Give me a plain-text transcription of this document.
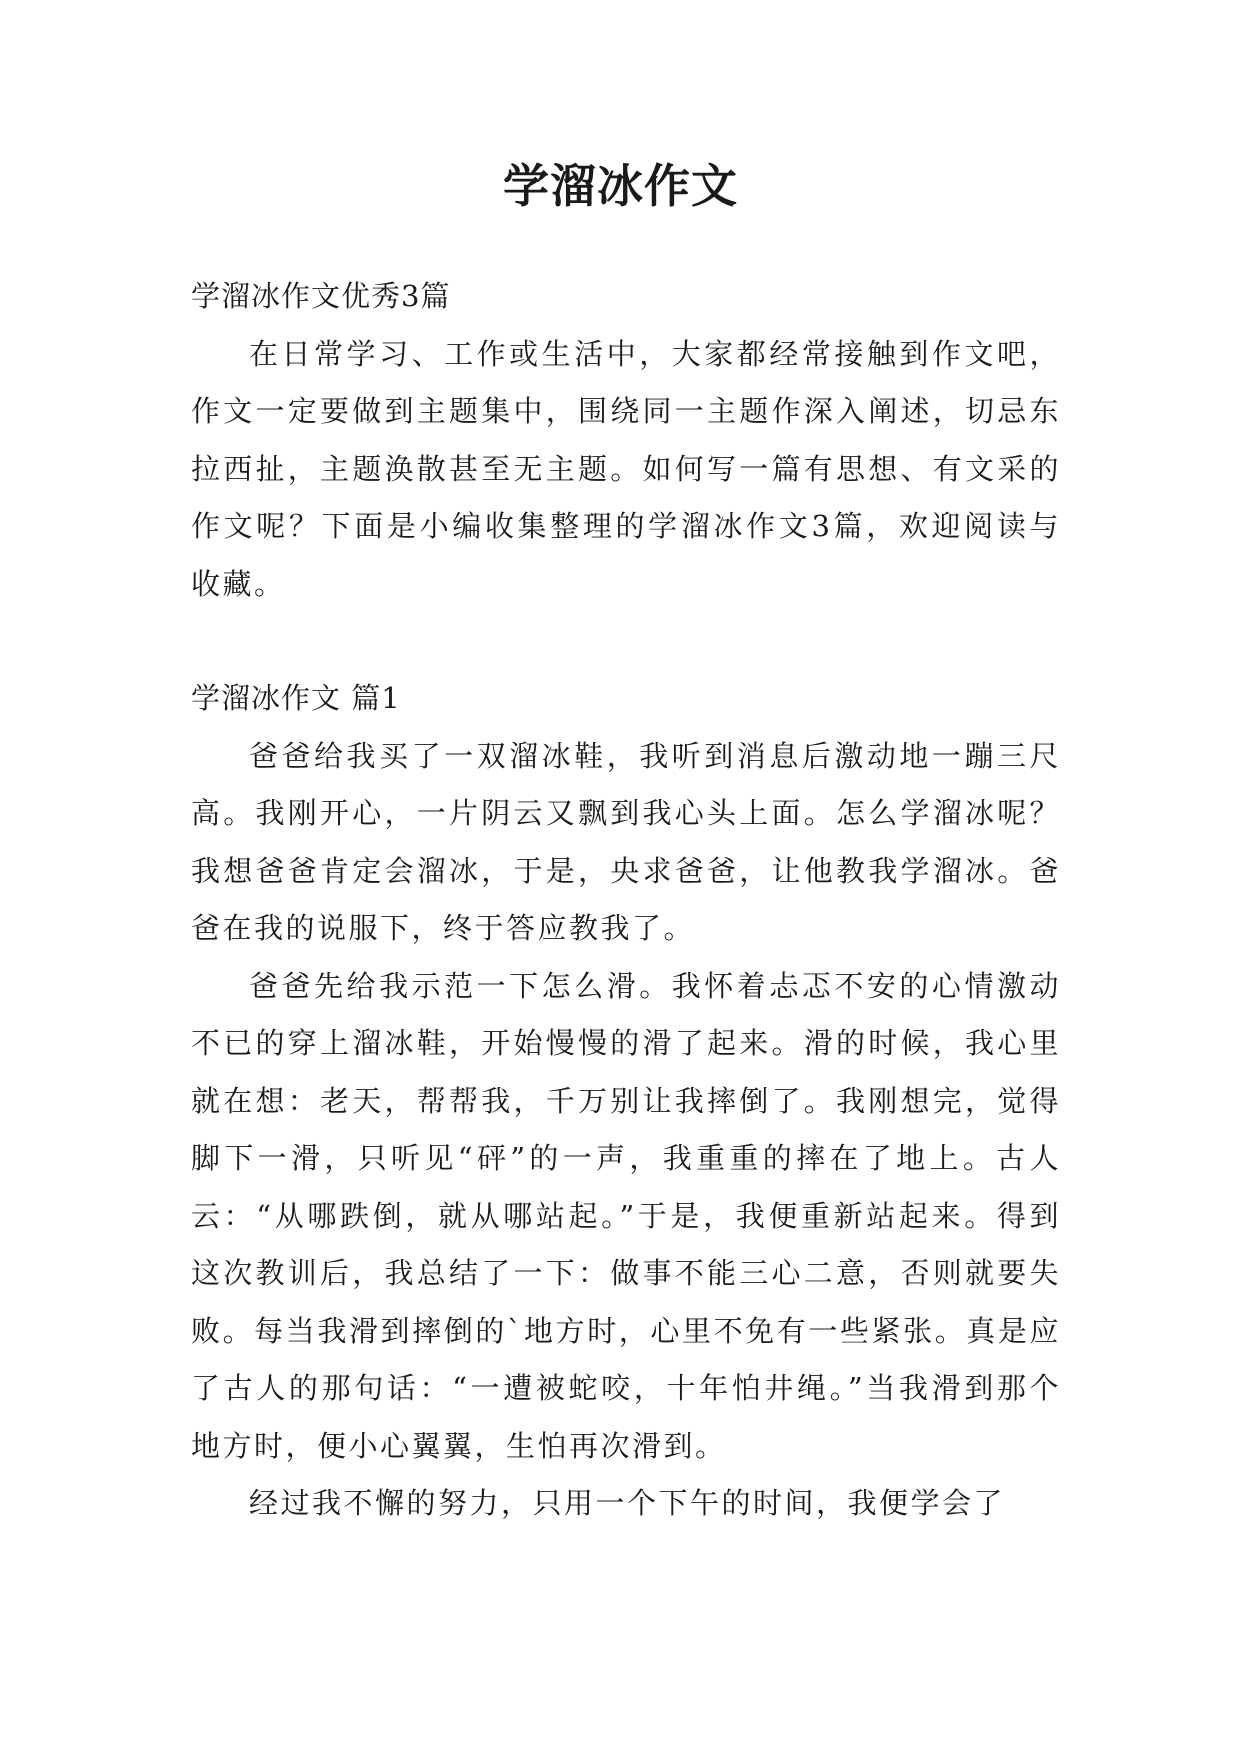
学溜冰作文

学溜冰作文优秀3篇

在日常学习、工作或生活中，大家都经常接触到作文吧，作文一定要做到主题集中，围绕同一主题作深入阐述，切忌东拉西扯，主题涣散甚至无主题。如何写一篇有思想、有文采的作文呢？下面是小编收集整理的学溜冰作文3篇，欢迎阅读与收藏。

学溜冰作文 篇1

爸爸给我买了一双溜冰鞋，我听到消息后激动地一蹦三尺高。我刚开心，一片阴云又飘到我心头上面。怎么学溜冰呢？我想爸爸肯定会溜冰，于是，央求爸爸，让他教我学溜冰。爸爸在我的说服下，终于答应教我了。

爸爸先给我示范一下怎么滑。我怀着忐忑不安的心情激动不已的穿上溜冰鞋，开始慢慢的滑了起来。滑的时候，我心里就在想：老天，帮帮我，千万别让我摔倒了。我刚想完，觉得脚下一滑，只听见“砰”的一声，我重重的摔在了地上。古人云：“从哪跌倒，就从哪站起。”于是，我便重新站起来。得到这次教训后，我总结了一下：做事不能三心二意，否则就要失败。每当我滑到摔倒的`地方时，心里不免有一些紧张。真是应了古人的那句话：“一遭被蛇咬，十年怕井绳。”当我滑到那个地方时，便小心翼翼，生怕再次滑到。

经过我不懈的努力，只用一个下午的时间，我便学会了
